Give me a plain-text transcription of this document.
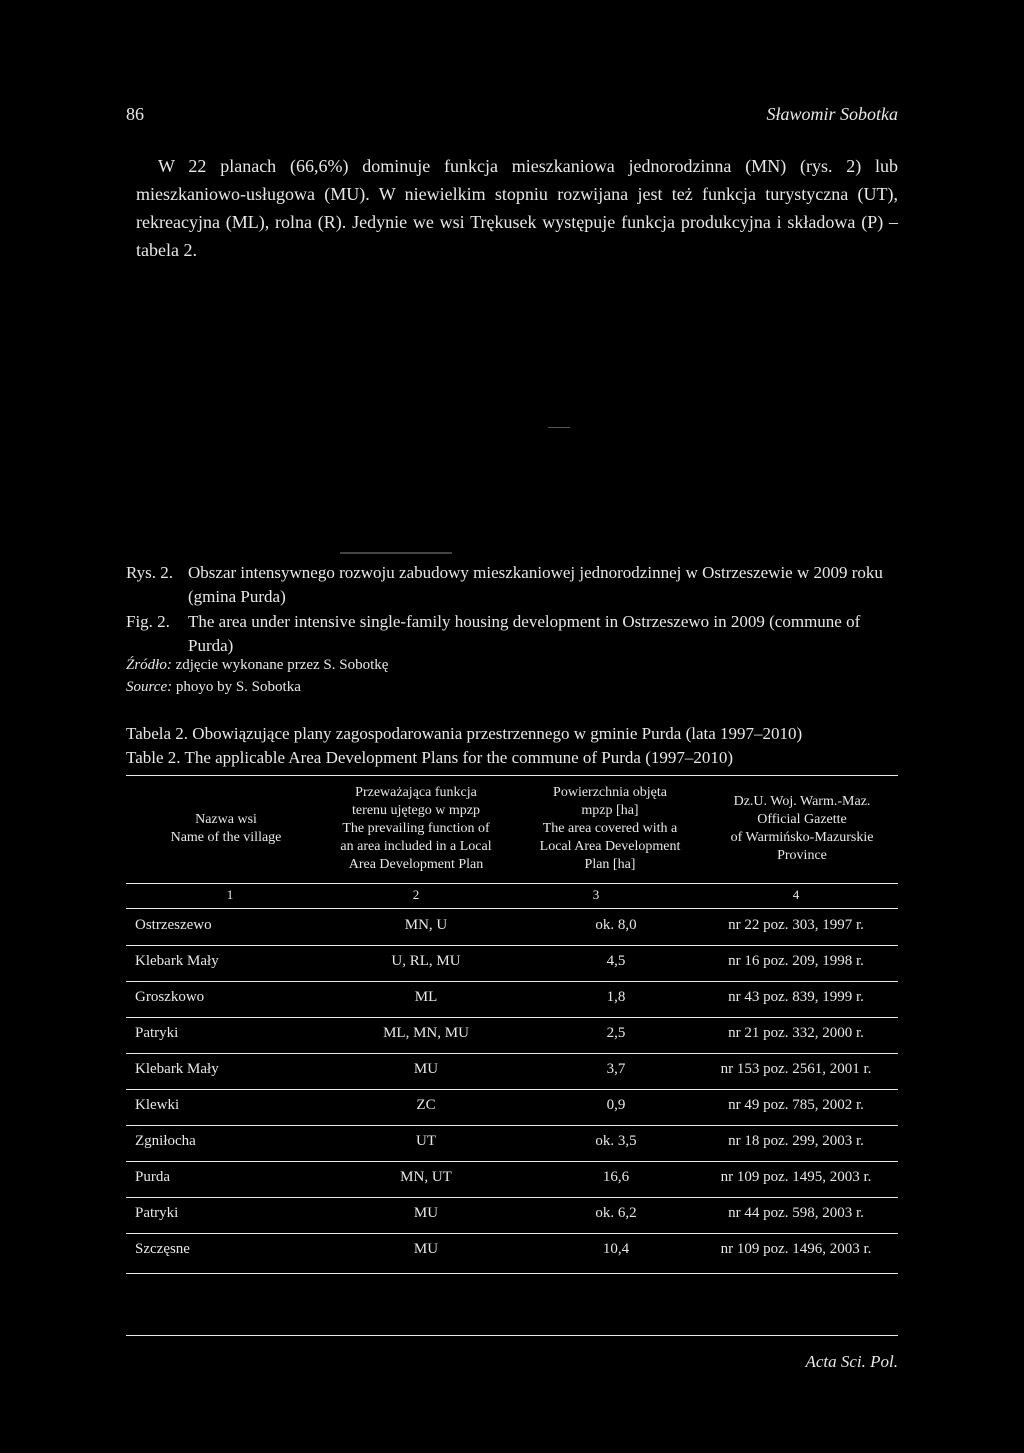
86	Sławomir Sobotka

W 22 planach (66,6%) dominuje funkcja mieszkaniowa jednorodzinna (MN) (rys. 2) lub mieszkaniowo-usługowa (MU). W niewielkim stopniu rozwijana jest też funkcja turystyczna (UT), rekreacyjna (ML), rolna (R). Jedynie we wsi Trękusek występuje funkcja produkcyjna i składowa (P) – tabela 2.

Rys. 2. Obszar intensywnego rozwoju zabudowy mieszkaniowej jednorodzinnej w Ostrzeszewie w 2009 roku (gmina Purda)
Fig. 2. The area under intensive single-family housing development in Ostrzeszewo in 2009 (commune of Purda)
Źródło: zdjęcie wykonane przez S. Sobotkę
Source: phoyo by S. Sobotka
Tabela 2. Obowiązujące plany zagospodarowania przestrzennego w gminie Purda (lata 1997–2010)
Table 2. The applicable Area Development Plans for the commune of Purda (1997–2010)
Nazwa wsi
Name of the village
Przeważająca funkcja
terenu ujętego w mpzp
The prevailing function of
an area included in a Local
Area Development Plan
Powierzchnia objęta
mpzp [ha]
The area covered with a
Local Area Development
Plan [ha]
Dz.U. Woj. Warm.-Maz.
Official Gazette
of Warmińsko-Mazurskie
Province
1	2	3	4
Ostrzeszewo	MN, U	ok. 8,0	nr 22 poz. 303, 1997 r.
Klebark Mały	U, RL, MU	4,5	nr 16 poz. 209, 1998 r.
Groszkowo	ML	1,8	nr 43 poz. 839, 1999 r.
Patryki	ML, MN, MU	2,5	nr 21 poz. 332, 2000 r.
Klebark Mały	MU	3,7	nr 153 poz. 2561, 2001 r.
Klewki	ZC	0,9	nr 49 poz. 785, 2002 r.
Zgniłocha	UT	ok. 3,5	nr 18 poz. 299, 2003 r.
Purda	MN, UT	16,6	nr 109 poz. 1495, 2003 r.
Patryki	MU	ok. 6,2	nr 44 poz. 598, 2003 r.
Szczęsne	MU	10,4	nr 109 poz. 1496, 2003 r.
Acta Sci. Pol.
